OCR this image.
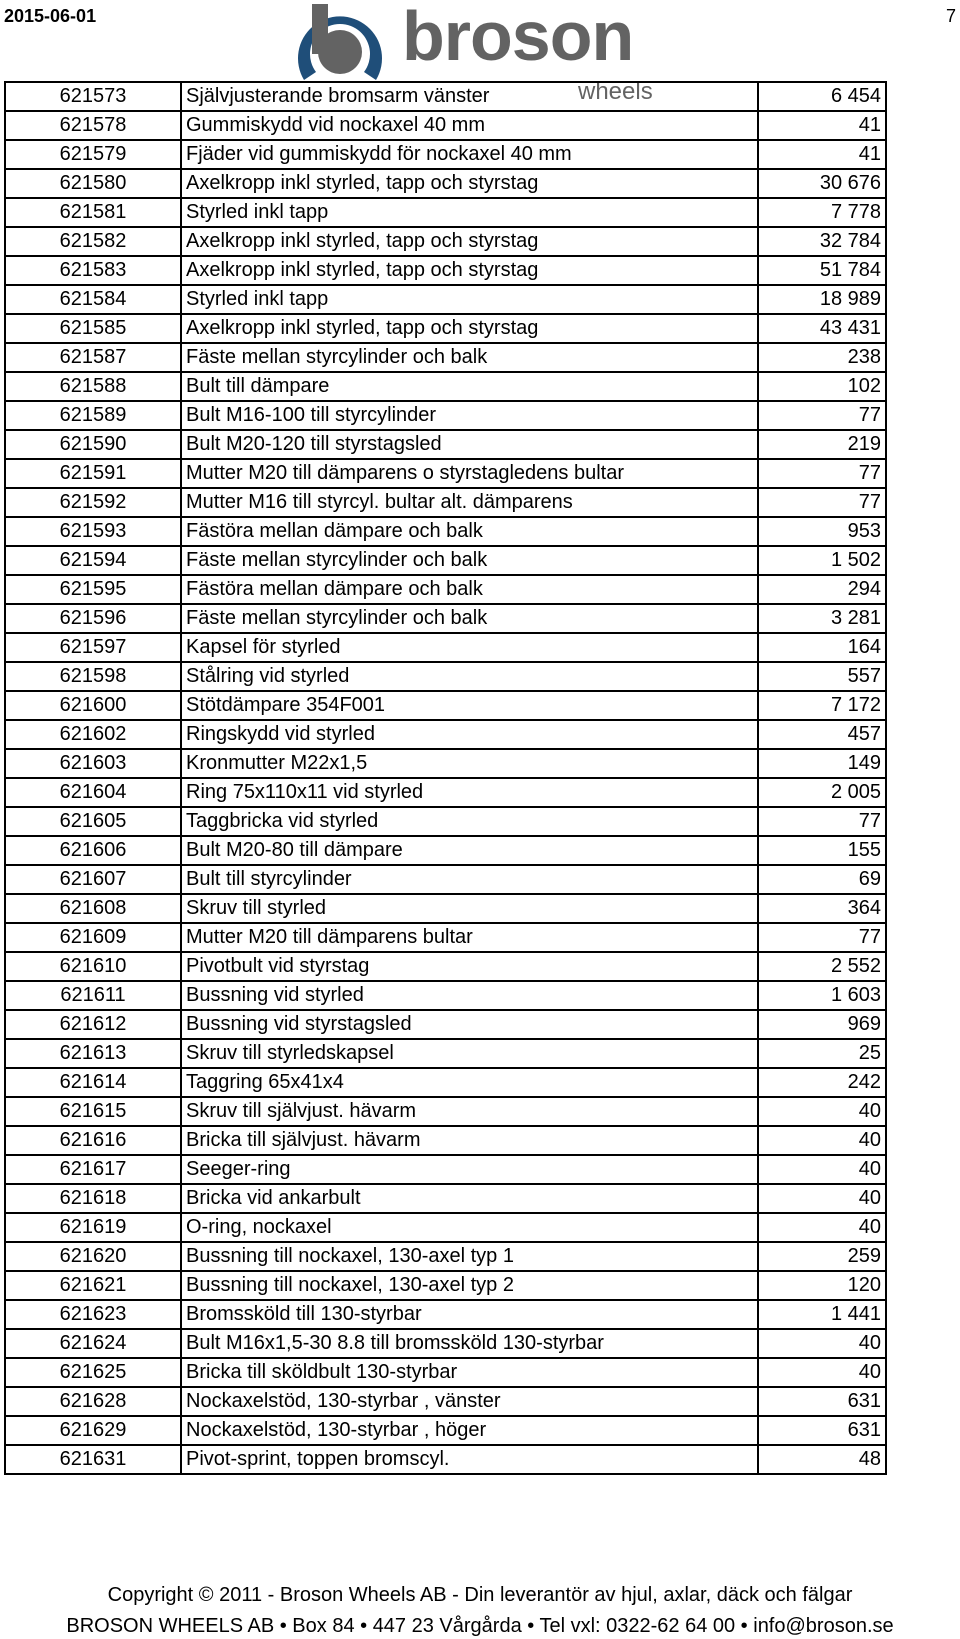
2015-06-01	7
broson
wheels
621573	Självjusterande bromsarm vänster	6 454
621578	Gummiskydd vid nockaxel 40 mm	41
621579	Fjäder vid gummiskydd för nockaxel 40 mm	41
621580	Axelkropp inkl styrled, tapp och styrstag	30 676
621581	Styrled inkl tapp	7 778
621582	Axelkropp inkl styrled, tapp och styrstag	32 784
621583	Axelkropp inkl styrled, tapp och styrstag	51 784
621584	Styrled inkl tapp	18 989
621585	Axelkropp inkl styrled, tapp och styrstag	43 431
621587	Fäste mellan styrcylinder och balk	238
621588	Bult till dämpare	102
621589	Bult M16-100 till styrcylinder	77
621590	Bult M20-120 till styrstagsled	219
621591	Mutter M20 till dämparens o styrstagledens bultar	77
621592	Mutter M16 till styrcyl. bultar alt. dämparens	77
621593	Fästöra mellan dämpare och balk	953
621594	Fäste mellan styrcylinder och balk	1 502
621595	Fästöra mellan dämpare och balk	294
621596	Fäste mellan styrcylinder och balk	3 281
621597	Kapsel för styrled	164
621598	Stålring vid styrled	557
621600	Stötdämpare 354F001	7 172
621602	Ringskydd vid styrled	457
621603	Kronmutter M22x1,5	149
621604	Ring 75x110x11 vid styrled	2 005
621605	Taggbricka vid styrled	77
621606	Bult M20-80 till dämpare	155
621607	Bult till styrcylinder	69
621608	Skruv till styrled	364
621609	Mutter M20 till dämparens bultar	77
621610	Pivotbult vid styrstag	2 552
621611	Bussning vid styrled	1 603
621612	Bussning vid styrstagsled	969
621613	Skruv till styrledskapsel	25
621614	Taggring 65x41x4	242
621615	Skruv till självjust. hävarm	40
621616	Bricka till självjust. hävarm	40
621617	Seeger-ring	40
621618	Bricka vid ankarbult	40
621619	O-ring, nockaxel	40
621620	Bussning till nockaxel, 130-axel typ 1	259
621621	Bussning till nockaxel, 130-axel typ 2	120
621623	Bromssköld till 130-styrbar	1 441
621624	Bult M16x1,5-30 8.8 till bromssköld 130-styrbar	40
621625	Bricka till sköldbult 130-styrbar	40
621628	Nockaxelstöd, 130-styrbar , vänster	631
621629	Nockaxelstöd, 130-styrbar , höger	631
621631	Pivot-sprint, toppen bromscyl.	48
Copyright © 2011 - Broson Wheels AB - Din leverantör av hjul, axlar, däck och fälgar
BROSON WHEELS AB • Box 84 • 447 23 Vårgårda • Tel vxl: 0322-62 64 00 • info@broson.se
